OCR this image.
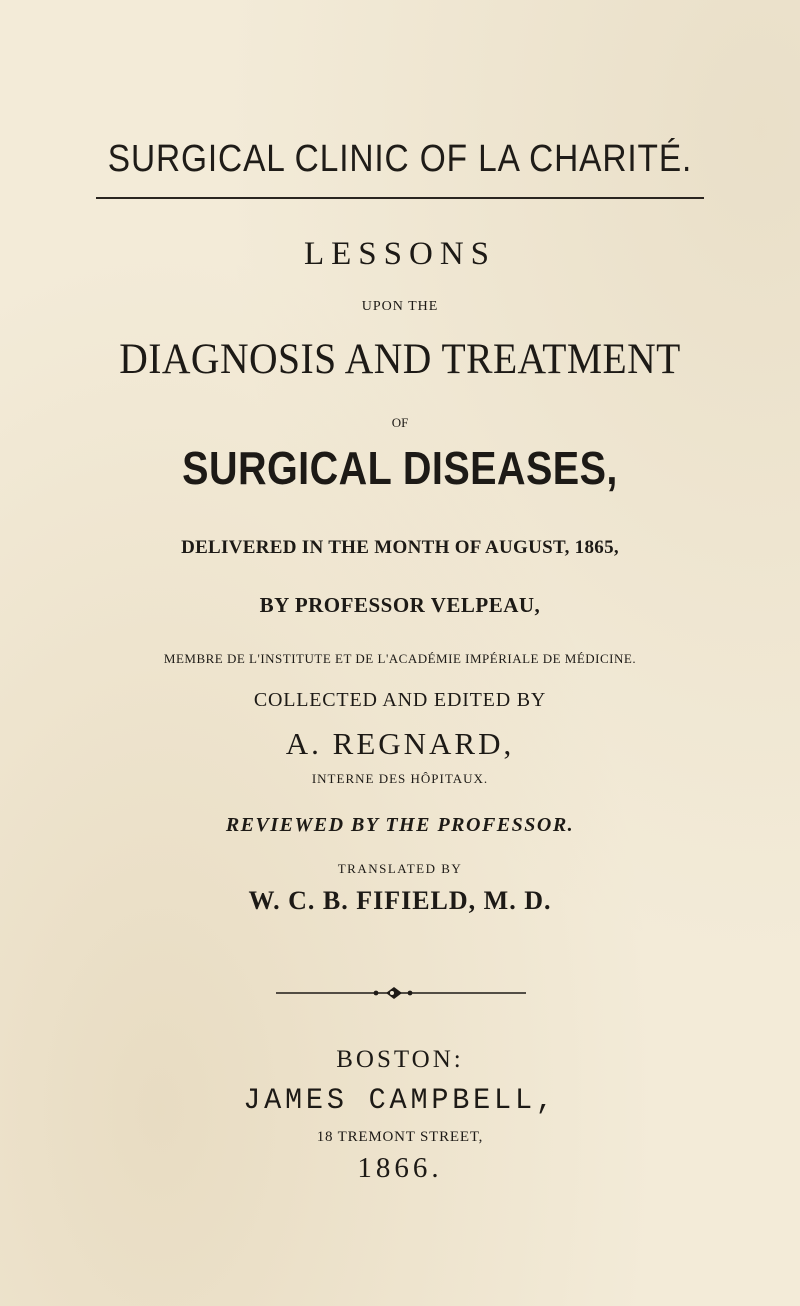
SURGICAL CLINIC OF LA CHARITÉ.
LESSONS
UPON THE
DIAGNOSIS AND TREATMENT
OF
SURGICAL DISEASES,
DELIVERED IN THE MONTH OF AUGUST, 1865,
BY PROFESSOR VELPEAU,
MEMBRE DE L'INSTITUTE ET DE L'ACADÉMIE IMPÉRIALE DE MÉDICINE.
COLLECTED AND EDITED BY
A. REGNARD,
INTERNE DES HÔPITAUX.
REVIEWED BY THE PROFESSOR.
TRANSLATED BY
W. C. B. FIFIELD, M. D.
BOSTON:
JAMES CAMPBELL,
18 TREMONT STREET,
1866.
